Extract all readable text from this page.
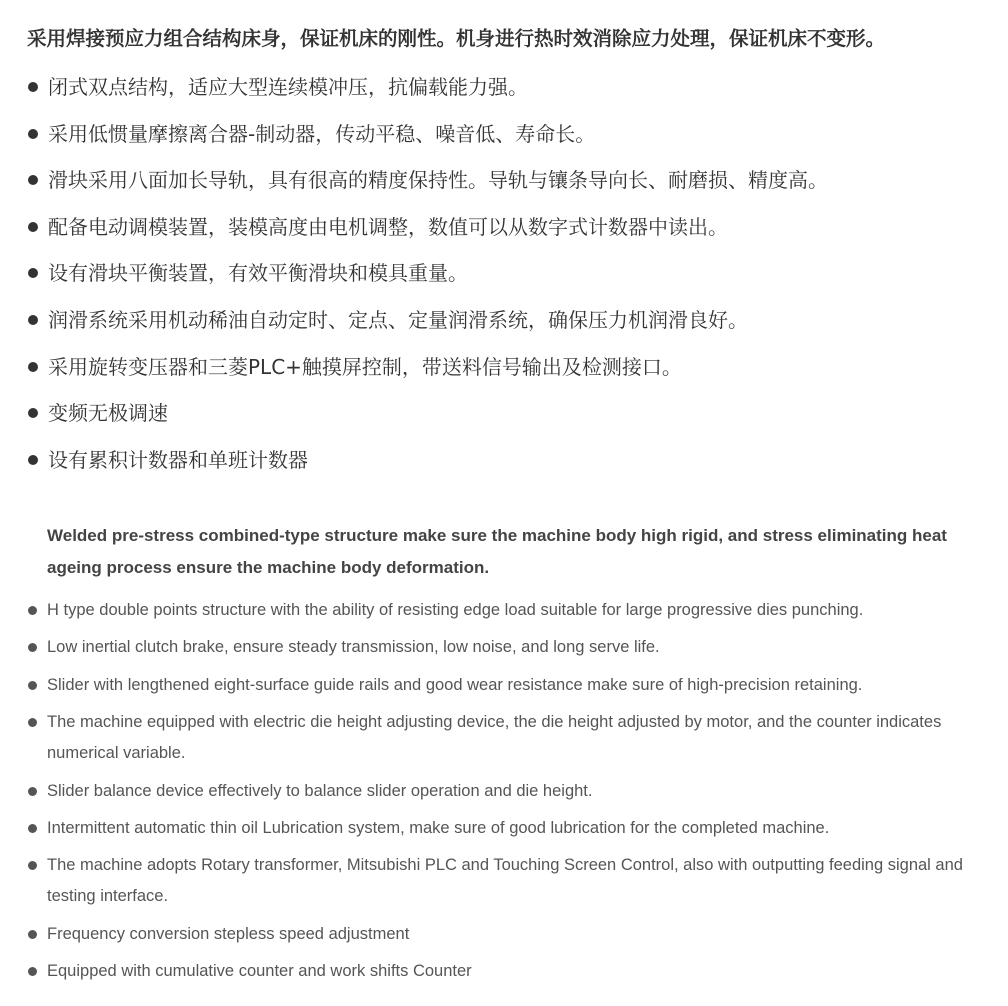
采用焊接预应力组合结构床身，保证机床的刚性。机身进行热时效消除应力处理，保证机床不变形。
闭式双点结构，适应大型连续模冲压，抗偏载能力强。
采用低惯量摩擦离合器-制动器，传动平稳、噪音低、寿命长。
滑块采用八面加长导轨，具有很高的精度保持性。导轨与镶条导向长、耐磨损、精度高。
配备电动调模装置，装模高度由电机调整，数值可以从数字式计数器中读出。
设有滑块平衡装置，有效平衡滑块和模具重量。
润滑系统采用机动稀油自动定时、定点、定量润滑系统，确保压力机润滑良好。
采用旋转变压器和三菱PLC+触摸屏控制，带送料信号输出及检测接口。
变频无极调速
设有累积计数器和单班计数器
Welded pre-stress combined-type structure make sure the machine body high rigid, and stress eliminating heat ageing process ensure the machine body deformation.
H type double points structure with the ability of resisting edge load suitable for large progressive dies punching.
Low inertial clutch brake, ensure steady transmission, low noise, and long serve life.
Slider with lengthened eight-surface guide rails and good wear resistance make sure of high-precision retaining.
The machine equipped with electric die height adjusting device, the die height adjusted by motor, and the counter indicates numerical variable.
Slider balance device effectively to balance slider operation and die height.
Intermittent automatic thin oil Lubrication system, make sure of good lubrication for the completed machine.
The machine adopts Rotary transformer, Mitsubishi PLC and Touching Screen Control, also with outputting feeding signal and testing interface.
Frequency conversion stepless speed adjustment
Equipped with cumulative counter and work shifts Counter
